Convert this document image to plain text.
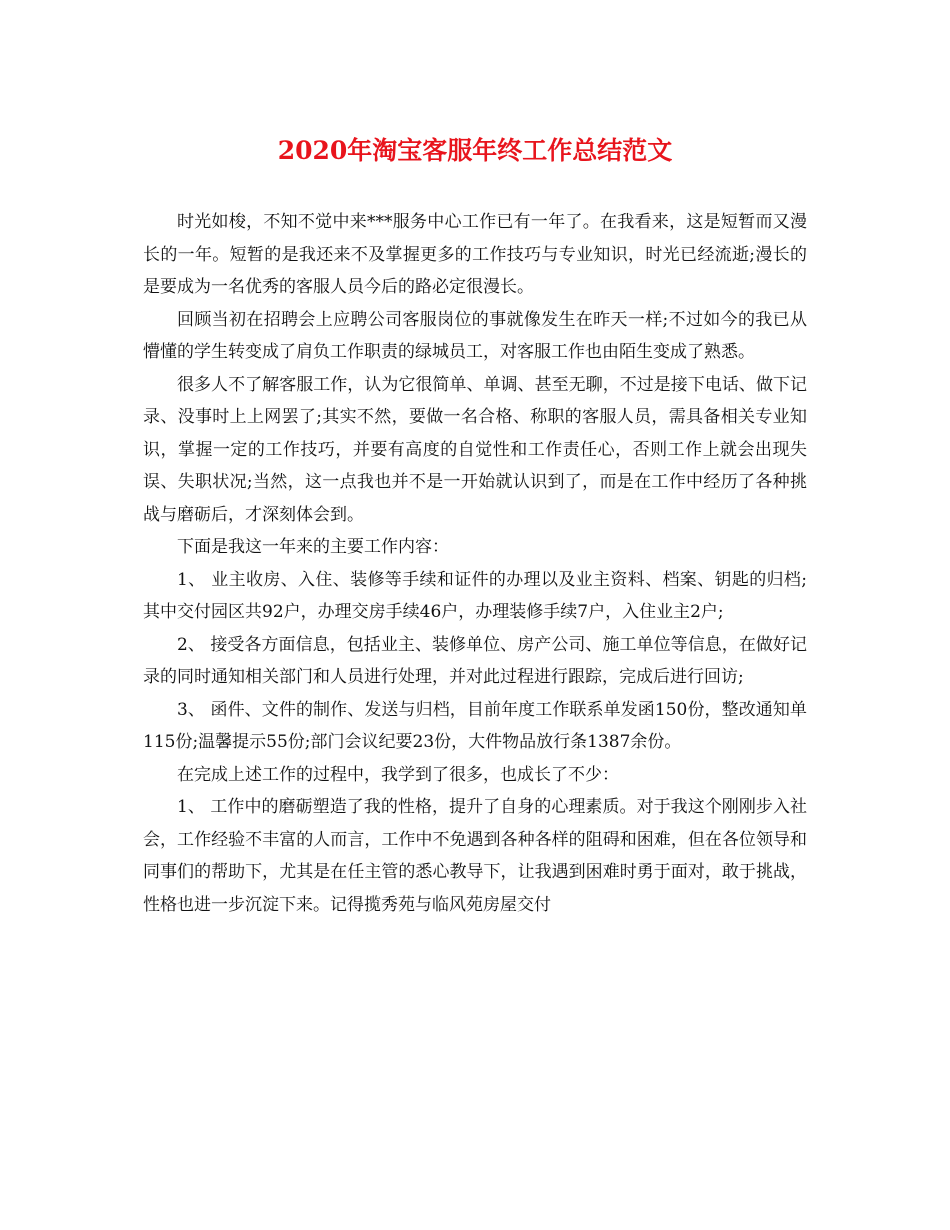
2020年淘宝客服年终工作总结范文

时光如梭，不知不觉中来***服务中心工作已有一年了。在我看来，这是短暂而又漫长的一年。短暂的是我还来不及掌握更多的工作技巧与专业知识，时光已经流逝;漫长的是要成为一名优秀的客服人员今后的路必定很漫长。

回顾当初在招聘会上应聘公司客服岗位的事就像发生在昨天一样;不过如今的我已从懵懂的学生转变成了肩负工作职责的绿城员工，对客服工作也由陌生变成了熟悉。

很多人不了解客服工作，认为它很简单、单调、甚至无聊，不过是接下电话、做下记录、没事时上上网罢了;其实不然，要做一名合格、称职的客服人员，需具备相关专业知识，掌握一定的工作技巧，并要有高度的自觉性和工作责任心，否则工作上就会出现失误、失职状况;当然，这一点我也并不是一开始就认识到了，而是在工作中经历了各种挑战与磨砺后，才深刻体会到。

下面是我这一年来的主要工作内容：

1、 业主收房、入住、装修等手续和证件的办理以及业主资料、档案、钥匙的归档;其中交付园区共92户，办理交房手续46户，办理装修手续7户，入住业主2户;

2、 接受各方面信息，包括业主、装修单位、房产公司、施工单位等信息，在做好记录的同时通知相关部门和人员进行处理，并对此过程进行跟踪，完成后进行回访;

3、 函件、文件的制作、发送与归档，目前年度工作联系单发函150份，整改通知单115份;温馨提示55份;部门会议纪要23份，大件物品放行条1387余份。

在完成上述工作的过程中，我学到了很多，也成长了不少：

1、 工作中的磨砺塑造了我的性格，提升了自身的心理素质。对于我这个刚刚步入社会，工作经验不丰富的人而言，工作中不免遇到各种各样的阻碍和困难，但在各位领导和同事们的帮助下，尤其是在任主管的悉心教导下，让我遇到困难时勇于面对，敢于挑战，性格也进一步沉淀下来。记得揽秀苑与临风苑房屋交付
